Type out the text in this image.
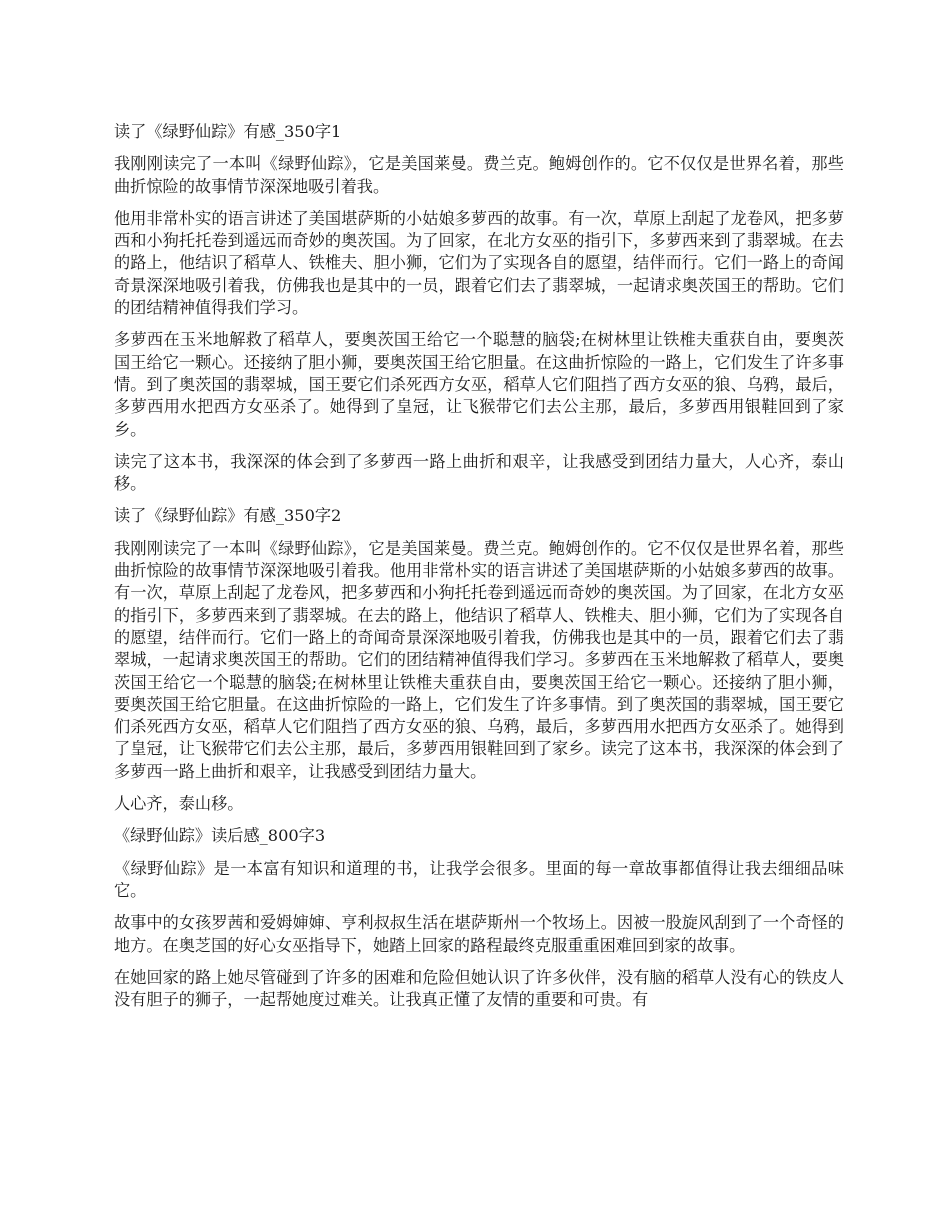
读了《绿野仙踪》有感_350字1

我刚刚读完了一本叫《绿野仙踪》，它是美国莱曼。费兰克。鲍姆创作的。它不仅仅是世界名着，那些曲折惊险的故事情节深深地吸引着我。

他用非常朴实的语言讲述了美国堪萨斯的小姑娘多萝西的故事。有一次，草原上刮起了龙卷风，把多萝西和小狗托托卷到遥远而奇妙的奥茨国。为了回家，在北方女巫的指引下，多萝西来到了翡翠城。在去的路上，他结识了稻草人、铁椎夫、胆小狮，它们为了实现各自的愿望，结伴而行。它们一路上的奇闻奇景深深地吸引着我，仿佛我也是其中的一员，跟着它们去了翡翠城，一起请求奥茨国王的帮助。它们的团结精神值得我们学习。

多萝西在玉米地解救了稻草人，要奥茨国王给它一个聪慧的脑袋;在树林里让铁椎夫重获自由，要奥茨国王给它一颗心。还接纳了胆小狮，要奥茨国王给它胆量。在这曲折惊险的一路上，它们发生了许多事情。到了奥茨国的翡翠城，国王要它们杀死西方女巫，稻草人它们阻挡了西方女巫的狼、乌鸦，最后，多萝西用水把西方女巫杀了。她得到了皇冠，让飞猴带它们去公主那，最后，多萝西用银鞋回到了家乡。

读完了这本书，我深深的体会到了多萝西一路上曲折和艰辛，让我感受到团结力量大，人心齐，泰山移。

读了《绿野仙踪》有感_350字2

我刚刚读完了一本叫《绿野仙踪》，它是美国莱曼。费兰克。鲍姆创作的。它不仅仅是世界名着，那些曲折惊险的故事情节深深地吸引着我。他用非常朴实的语言讲述了美国堪萨斯的小姑娘多萝西的故事。有一次，草原上刮起了龙卷风，把多萝西和小狗托托卷到遥远而奇妙的奥茨国。为了回家，在北方女巫的指引下，多萝西来到了翡翠城。在去的路上，他结识了稻草人、铁椎夫、胆小狮，它们为了实现各自的愿望，结伴而行。它们一路上的奇闻奇景深深地吸引着我，仿佛我也是其中的一员，跟着它们去了翡翠城，一起请求奥茨国王的帮助。它们的团结精神值得我们学习。多萝西在玉米地解救了稻草人，要奥茨国王给它一个聪慧的脑袋;在树林里让铁椎夫重获自由，要奥茨国王给它一颗心。还接纳了胆小狮，要奥茨国王给它胆量。在这曲折惊险的一路上，它们发生了许多事情。到了奥茨国的翡翠城，国王要它们杀死西方女巫，稻草人它们阻挡了西方女巫的狼、乌鸦，最后，多萝西用水把西方女巫杀了。她得到了皇冠，让飞猴带它们去公主那，最后，多萝西用银鞋回到了家乡。读完了这本书，我深深的体会到了多萝西一路上曲折和艰辛，让我感受到团结力量大。

人心齐，泰山移。

《绿野仙踪》读后感_800字3

《绿野仙踪》是一本富有知识和道理的书，让我学会很多。里面的每一章故事都值得让我去细细品味它。

故事中的女孩罗茜和爱姆婶婶、亨利叔叔生活在堪萨斯州一个牧场上。因被一股旋风刮到了一个奇怪的地方。在奥芝国的好心女巫指导下，她踏上回家的路程最终克服重重困难回到家的故事。

在她回家的路上她尽管碰到了许多的困难和危险但她认识了许多伙伴，没有脑的稻草人没有心的铁皮人没有胆子的狮子，一起帮她度过难关。让我真正懂了友情的重要和可贵。有
